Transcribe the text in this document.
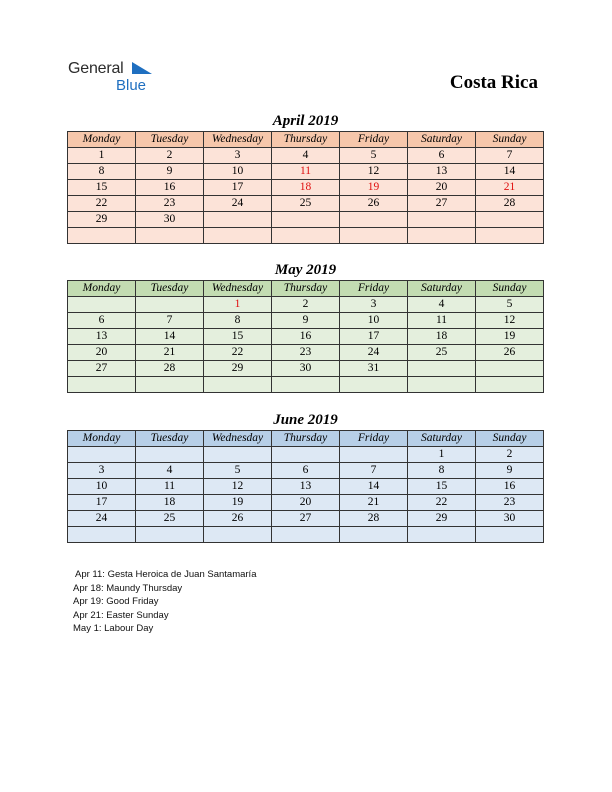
General
Blue	Costa Rica
April 2019
Monday	Tuesday	Wednesday	Thursday	Friday	Saturday	Sunday
1	2	3	4	5	6	7
8	9	10	11	12	13	14
15	16	17	18	19	20	21
22	23	24	25	26	27	28
29	30					

May 2019
Monday	Tuesday	Wednesday	Thursday	Friday	Saturday	Sunday
		1	2	3	4	5
6	7	8	9	10	11	12
13	14	15	16	17	18	19
20	21	22	23	24	25	26
27	28	29	30	31		

June 2019
Monday	Tuesday	Wednesday	Thursday	Friday	Saturday	Sunday
					1	2
3	4	5	6	7	8	9
10	11	12	13	14	15	16
17	18	19	20	21	22	23
24	25	26	27	28	29	30

Apr 11: Gesta Heroica de Juan Santamaría
Apr 18: Maundy Thursday
Apr 19: Good Friday
Apr 21: Easter Sunday
May 1: Labour Day
